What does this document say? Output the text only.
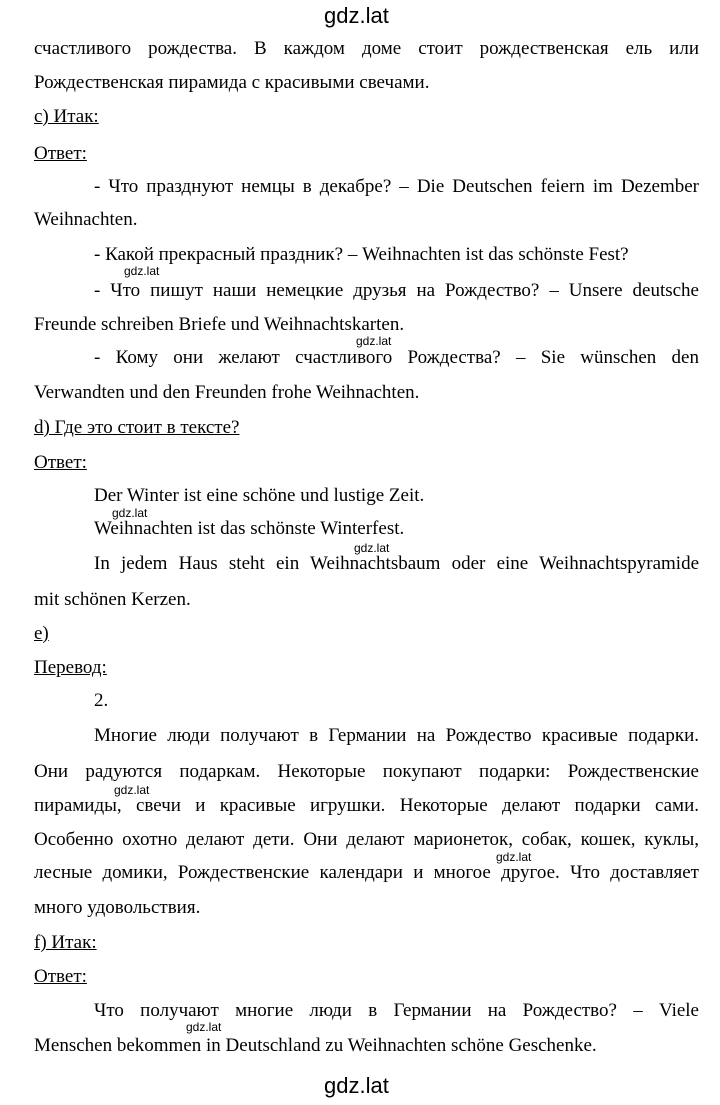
gdz.lat
счастливого рождества. В каждом доме стоит рождественская ель или
Рождественская пирамида с красивыми свечами.
c) Итак:
Ответ:
- Что празднуют немцы в декабре? – Die Deutschen feiern im Dezember
Weihnachten.
- Какой прекрасный праздник? – Weihnachten ist das schönste Fest?
gdz.lat
- Что пишут наши немецкие друзья на Рождество? – Unsere deutsche
Freunde schreiben Briefe und Weihnachtskarten.
gdz.lat
- Кому они желают счастливого Рождества? – Sie wünschen den
Verwandten und den Freunden frohe Weihnachten.
d) Где это стоит в тексте?
Ответ:
Der Winter ist eine schöne und lustige Zeit.
gdz.lat
Weihnachten ist das schönste Winterfest.
gdz.lat
In jedem Haus steht ein Weihnachtsbaum oder eine Weihnachtspyramide
mit schönen Kerzen.
e)
Перевод:
2.
Многие люди получают в Германии на Рождество красивые подарки.
Они радуются подаркам. Некоторые покупают подарки: Рождественские
gdz.lat
пирамиды, свечи и красивые игрушки. Некоторые делают подарки сами.
Особенно охотно делают дети. Они делают марионеток, собак, кошек, куклы,
gdz.lat
лесные домики, Рождественские календари и многое другое. Что доставляет
много удовольствия.
f) Итак:
Ответ:
Что получают многие люди в Германии на Рождество? – Viele
gdz.lat
Menschen bekommen in Deutschland zu Weihnachten schöne Geschenke.
gdz.lat
